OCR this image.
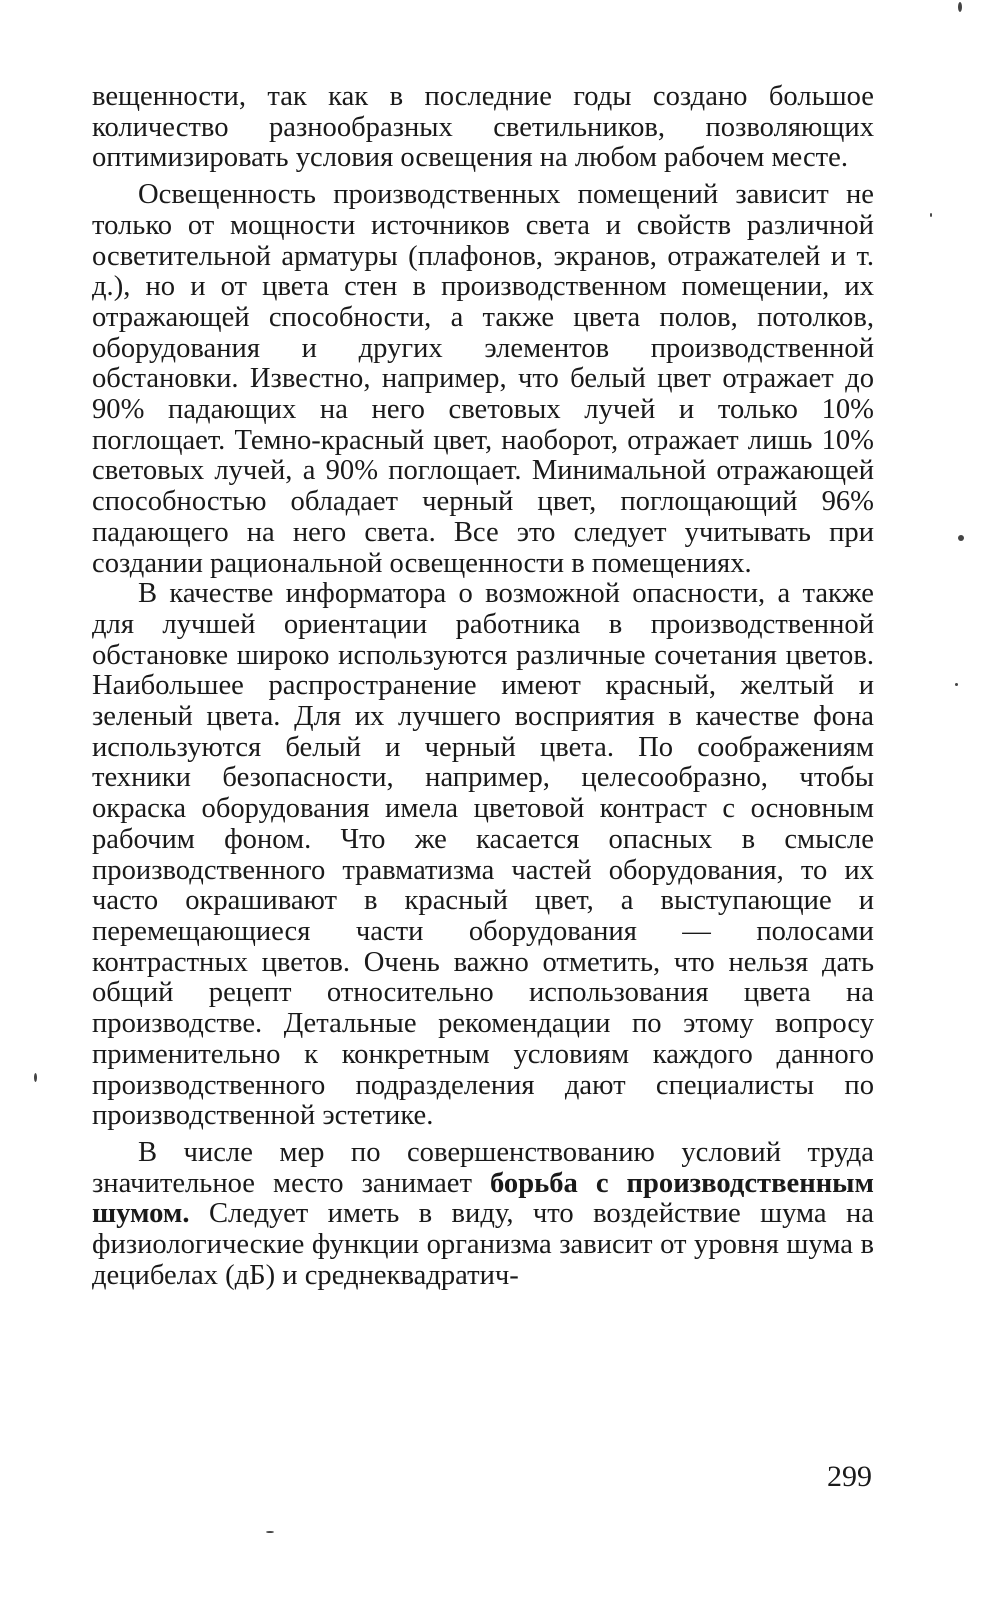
вещенности, так как в последние годы создано большое количество разнообразных светильников, позволяющих оптимизировать условия освещения на любом рабочем месте.

Освещенность производственных помещений зависит не только от мощности источников света и свойств различной осветительной арматуры (плафонов, экранов, отражателей и т. д.), но и от цвета стен в производственном помещении, их отражающей способности, а также цвета полов, потолков, оборудования и других элементов производственной обстановки. Известно, например, что белый цвет отражает до 90% падающих на него световых лучей и только 10% поглощает. Темно-красный цвет, наоборот, отражает лишь 10% световых лучей, а 90% поглощает. Минимальной отражающей способностью обладает черный цвет, поглощающий 96% падающего на него света. Все это следует учитывать при создании рациональной освещенности в помещениях.

В качестве информатора о возможной опасности, а также для лучшей ориентации работника в производственной обстановке широко используются различные сочетания цветов. Наибольшее распространение имеют красный, желтый и зеленый цвета. Для их лучшего восприятия в качестве фона используются белый и черный цвета. По соображениям техники безопасности, например, целесообразно, чтобы окраска оборудования имела цветовой контраст с основным рабочим фоном. Что же касается опасных в смысле производственного травматизма частей оборудования, то их часто окрашивают в красный цвет, а выступающие и перемещающиеся части оборудования — полосами контрастных цветов. Очень важно отметить, что нельзя дать общий рецепт относительно использования цвета на производстве. Детальные рекомендации по этому вопросу применительно к конкретным условиям каждого данного производственного подразделения дают специалисты по производственной эстетике.

В числе мер по совершенствованию условий труда значительное место занимает борьба с производственным шумом. Следует иметь в виду, что воздействие шума на физиологические функции организма зависит от уровня шума в децибелах (дБ) и среднеквадратич-

299
